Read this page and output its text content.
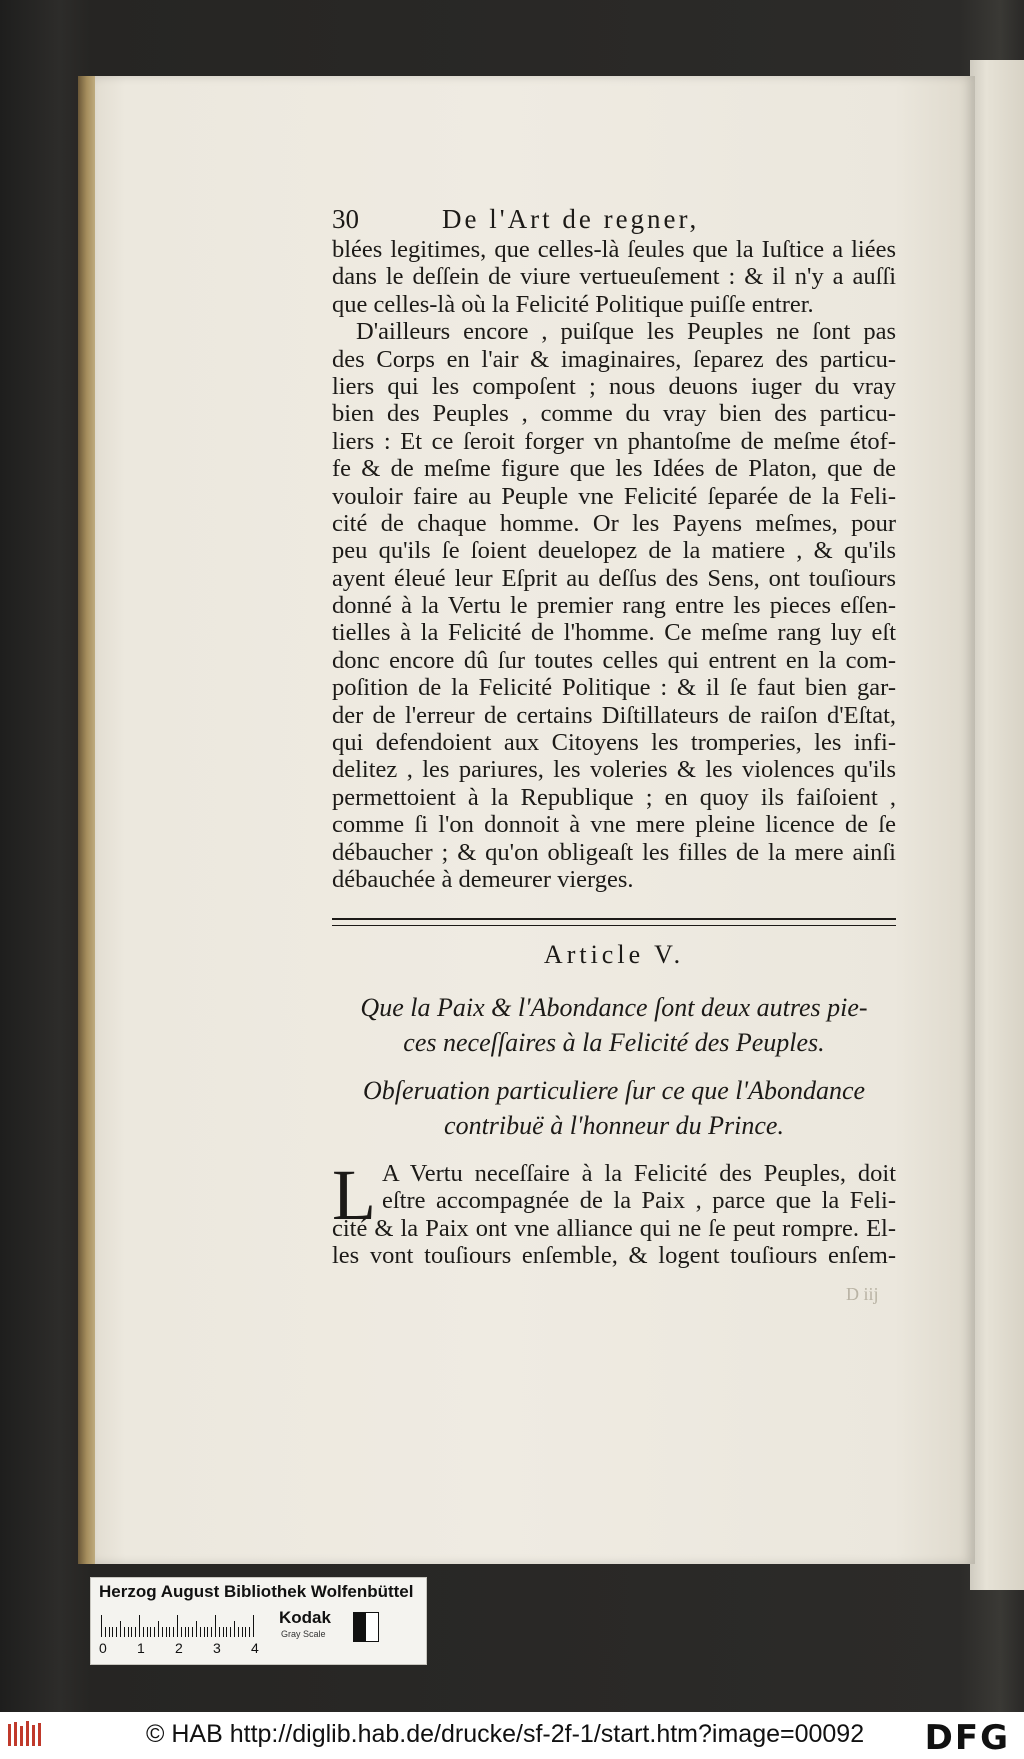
30	De l'Art de regner,
blées legitimes, que celles-là ſeules que la Iuſtice a liées
dans le deſſein de viure vertueuſement : & il n'y a auſſi
que celles-là où la Felicité Politique puiſſe entrer.
D'ailleurs encore , puiſque les Peuples ne ſont pas
des Corps en l'air & imaginaires, ſeparez des particu-
liers qui les compoſent ; nous deuons iuger du vray
bien des Peuples , comme du vray bien des particu-
liers : Et ce ſeroit forger vn phantoſme de meſme étof-
fe & de meſme figure que les Idées de Platon, que de
vouloir faire au Peuple vne Felicité ſeparée de la Feli-
cité de chaque homme. Or les Payens meſmes, pour
peu qu'ils ſe ſoient deuelopez de la matiere , & qu'ils
ayent éleué leur Eſprit au deſſus des Sens, ont touſiours
donné à la Vertu le premier rang entre les pieces eſſen-
tielles à la Felicité de l'homme. Ce meſme rang luy eſt
donc encore dû ſur toutes celles qui entrent en la com-
poſition de la Felicité Politique : & il ſe faut bien gar-
der de l'erreur de certains Diſtillateurs de raiſon d'Eſtat,
qui defendoient aux Citoyens les tromperies, les infi-
delitez , les pariures, les voleries & les violences qu'ils
permettoient à la Republique ; en quoy ils faiſoient ,
comme ſi l'on donnoit à vne mere pleine licence de ſe
débaucher ; & qu'on obligeaſt les filles de la mere ainſi
débauchée à demeurer vierges.
Article V.
Que la Paix & l'Abondance ſont deux autres pie-
ces neceſſaires à la Felicité des Peuples.
Obſeruation particuliere ſur ce que l'Abondance
contribuë à l'honneur du Prince.
L A Vertu neceſſaire à la Felicité des Peuples, doit
eſtre accompagnée de la Paix , parce que la Feli-
cité & la Paix ont vne alliance qui ne ſe peut rompre. El-
les vont touſiours enſemble, & logent touſiours enſem-
D iij
Herzog August Bibliothek Wolfenbüttel
0 1 2 3 4
Kodak
Gray Scale
© HAB http://diglib.hab.de/drucke/sf-2f-1/start.htm?image=00092 DFG
